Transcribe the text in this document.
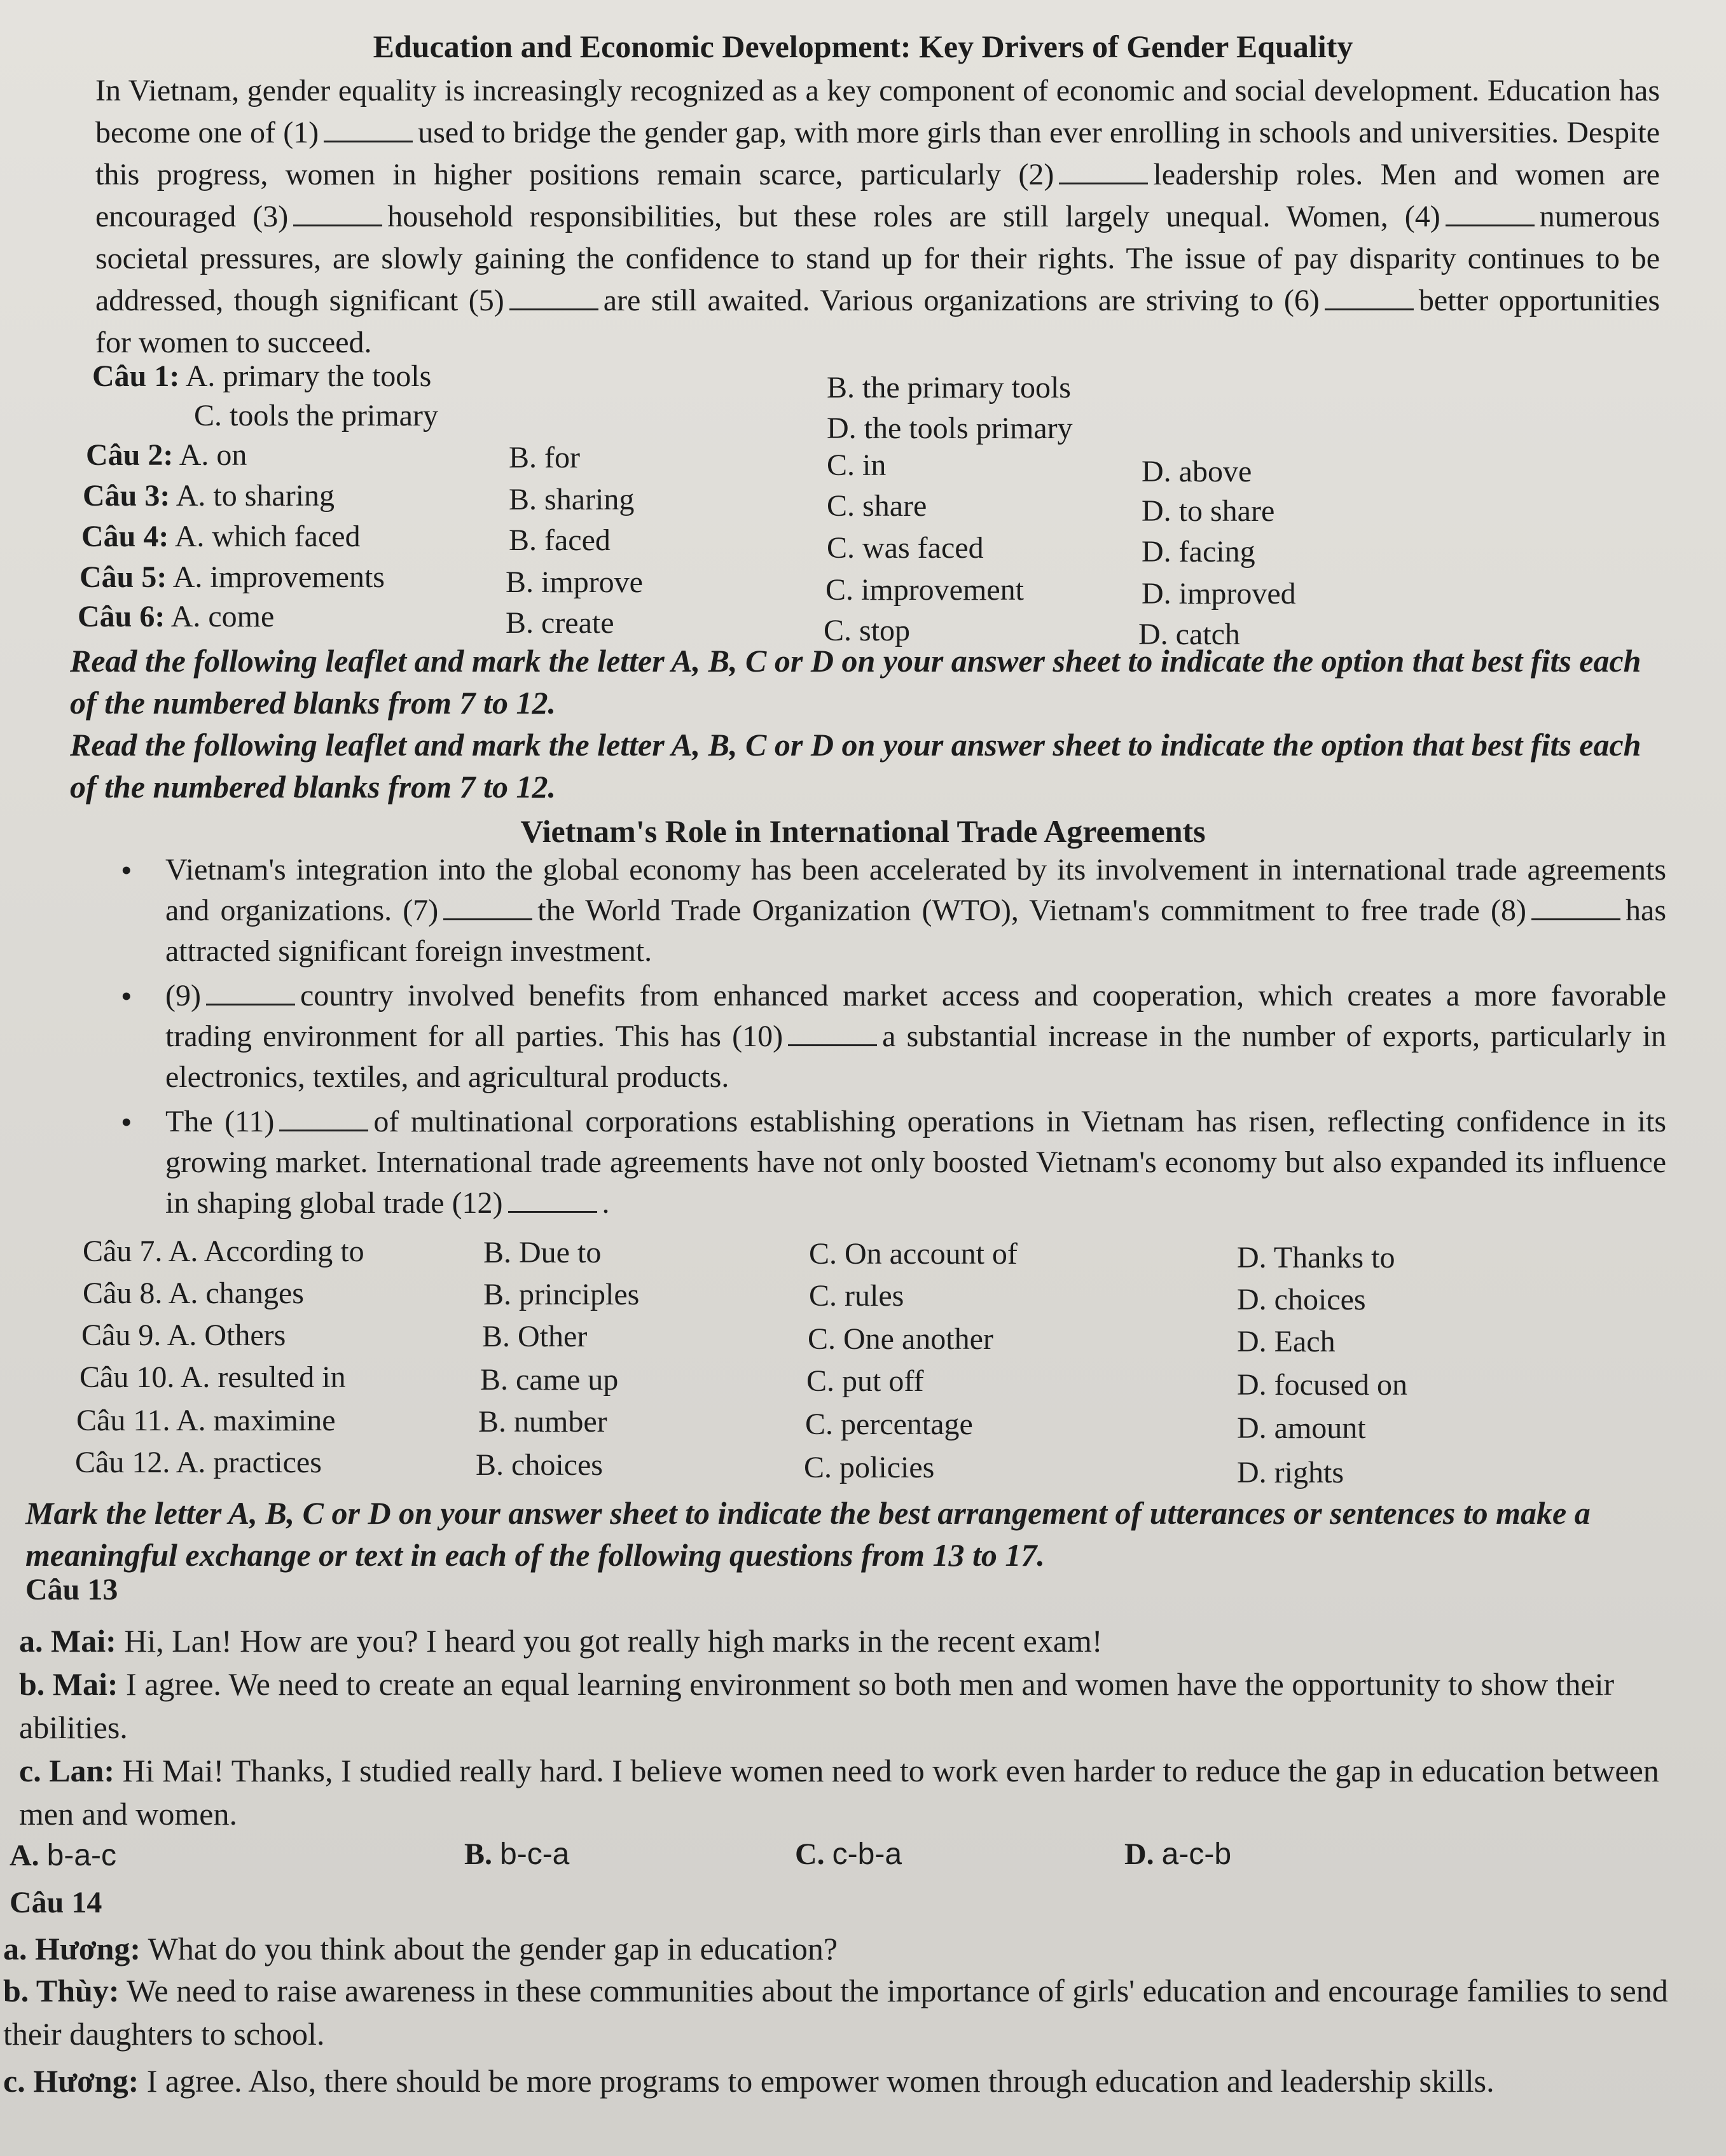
Education and Economic Development: Key Drivers of Gender Equality
In Vietnam, gender equality is increasingly recognized as a key component of economic and social development. Education has become one of (1)	used to bridge the gender gap, with more girls than ever enrolling in schools and universities. Despite this progress, women in higher positions remain scarce, particularly (2)	leadership roles. Men and women are encouraged (3)	household responsibilities, but these roles are still largely unequal. Women, (4)	numerous societal pressures, are slowly gaining the confidence to stand up for their rights. The issue of pay disparity continues to be addressed, though significant (5)	are still awaited. Various organizations are striving to (6)	better opportunities for women to succeed.
Câu 1: A. primary the tools	B. the primary tools
C. tools the primary	D. the tools primary
Câu 2: A. on	B. for	C. in	D. above
Câu 3: A. to sharing	B. sharing	C. share	D. to share
Câu 4: A. which faced	B. faced	C. was faced	D. facing
Câu 5: A. improvements	B. improve	C. improvement	D. improved
Câu 6: A. come	B. create	C. stop	D. catch
Read the following leaflet and mark the letter A, B, C or D on your answer sheet to indicate the option that best fits each of the numbered blanks from 7 to 12.
Read the following leaflet and mark the letter A, B, C or D on your answer sheet to indicate the option that best fits each of the numbered blanks from 7 to 12.
Vietnam's Role in International Trade Agreements
• Vietnam's integration into the global economy has been accelerated by its involvement in international trade agreements and organizations. (7)	the World Trade Organization (WTO), Vietnam's commitment to free trade (8)	has attracted significant foreign investment.
• (9)	country involved benefits from enhanced market access and cooperation, which creates a more favorable trading environment for all parties. This has (10)	a substantial increase in the number of exports, particularly in electronics, textiles, and agricultural products.
• The (11)	of multinational corporations establishing operations in Vietnam has risen, reflecting confidence in its growing market. International trade agreements have not only boosted Vietnam's economy but also expanded its influence in shaping global trade (12)	.
Câu 7. A. According to	B. Due to	C. On account of	D. Thanks to
Câu 8. A. changes	B. principles	C. rules	D. choices
Câu 9. A. Others	B. Other	C. One another	D. Each
Câu 10. A. resulted in	B. came up	C. put off	D. focused on
Câu 11. A. maximine	B. number	C. percentage	D. amount
Câu 12. A. practices	B. choices	C. policies	D. rights
Mark the letter A, B, C or D on your answer sheet to indicate the best arrangement of utterances or sentences to make a meaningful exchange or text in each of the following questions from 13 to 17.
Câu 13
a. Mai: Hi, Lan! How are you? I heard you got really high marks in the recent exam!
b. Mai: I agree. We need to create an equal learning environment so both men and women have the opportunity to show their abilities.
c. Lan: Hi Mai! Thanks, I studied really hard. I believe women need to work even harder to reduce the gap in education between men and women.
A. b-a-c	B. b-c-a	C. c-b-a	D. a-c-b
Câu 14
a. Hương: What do you think about the gender gap in education?
b. Thùy: We need to raise awareness in these communities about the importance of girls' education and encourage families to send their daughters to school.
c. Hương: I agree. Also, there should be more programs to empower women through education and leadership skills.
